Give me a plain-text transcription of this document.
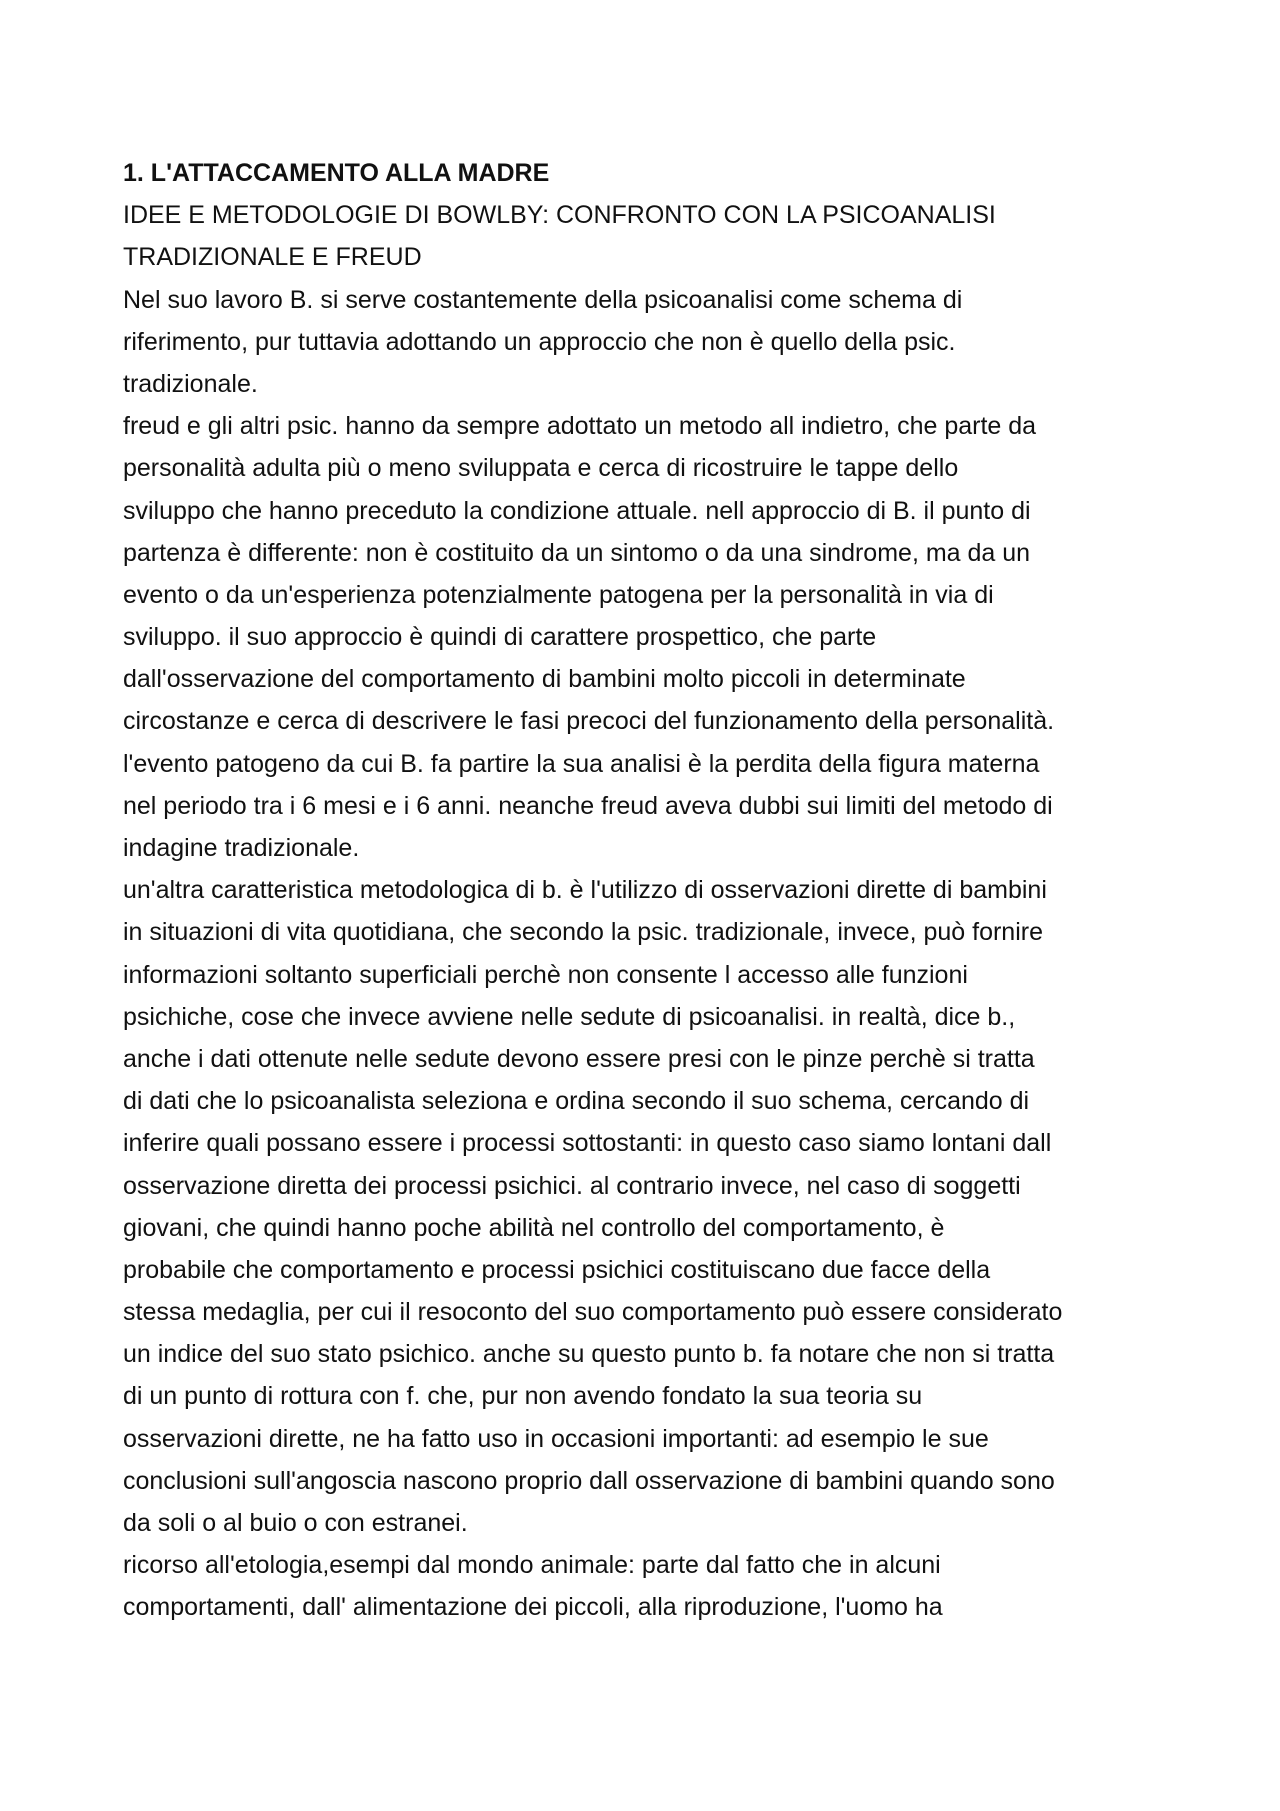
1. L'ATTACCAMENTO ALLA MADRE
IDEE E METODOLOGIE DI BOWLBY: CONFRONTO CON LA PSICOANALISI
TRADIZIONALE E FREUD
Nel suo lavoro B. si serve costantemente della psicoanalisi come schema di
riferimento, pur tuttavia adottando un approccio che non è quello della psic.
tradizionale.
freud e gli altri psic. hanno da sempre adottato un metodo all indietro, che parte da
personalità adulta più o meno sviluppata e cerca di ricostruire le tappe dello
sviluppo che hanno preceduto la condizione attuale. nell approccio di B. il punto di
partenza è differente: non è costituito da un sintomo o da una sindrome, ma da un
evento o da un'esperienza potenzialmente patogena per la personalità in via di
sviluppo. il suo approccio è quindi di carattere prospettico, che parte
dall'osservazione del comportamento di bambini molto piccoli in determinate
circostanze e cerca di descrivere le fasi precoci del funzionamento della personalità.
l'evento patogeno da cui B. fa partire la sua analisi è la perdita della figura materna
nel periodo tra i 6 mesi e i 6 anni. neanche freud aveva dubbi sui limiti del metodo di
indagine tradizionale.
un'altra caratteristica metodologica di b. è l'utilizzo di osservazioni dirette di bambini
in situazioni di vita quotidiana, che secondo la psic. tradizionale, invece, può fornire
informazioni soltanto superficiali perchè non consente l accesso alle funzioni
psichiche, cose che invece avviene nelle sedute di psicoanalisi. in realtà, dice b.,
anche i dati ottenute nelle sedute devono essere presi con le pinze perchè si tratta
di dati che lo psicoanalista seleziona e ordina secondo il suo schema, cercando di
inferire quali possano essere i processi sottostanti: in questo caso siamo lontani dall
osservazione diretta dei processi psichici. al contrario invece, nel caso di soggetti
giovani, che quindi hanno poche abilità nel controllo del comportamento, è
probabile che comportamento e processi psichici costituiscano due facce della
stessa medaglia, per cui il resoconto del suo comportamento può essere considerato
un indice del suo stato psichico. anche su questo punto b. fa notare che non si tratta
di un punto di rottura con f. che, pur non avendo fondato la sua teoria su
osservazioni dirette, ne ha fatto uso in occasioni importanti: ad esempio le sue
conclusioni sull'angoscia nascono proprio dall osservazione di bambini quando sono
da soli o al buio o con estranei.
ricorso all'etologia,esempi dal mondo animale: parte dal fatto che in alcuni
comportamenti, dall' alimentazione dei piccoli, alla riproduzione, l'uomo ha
